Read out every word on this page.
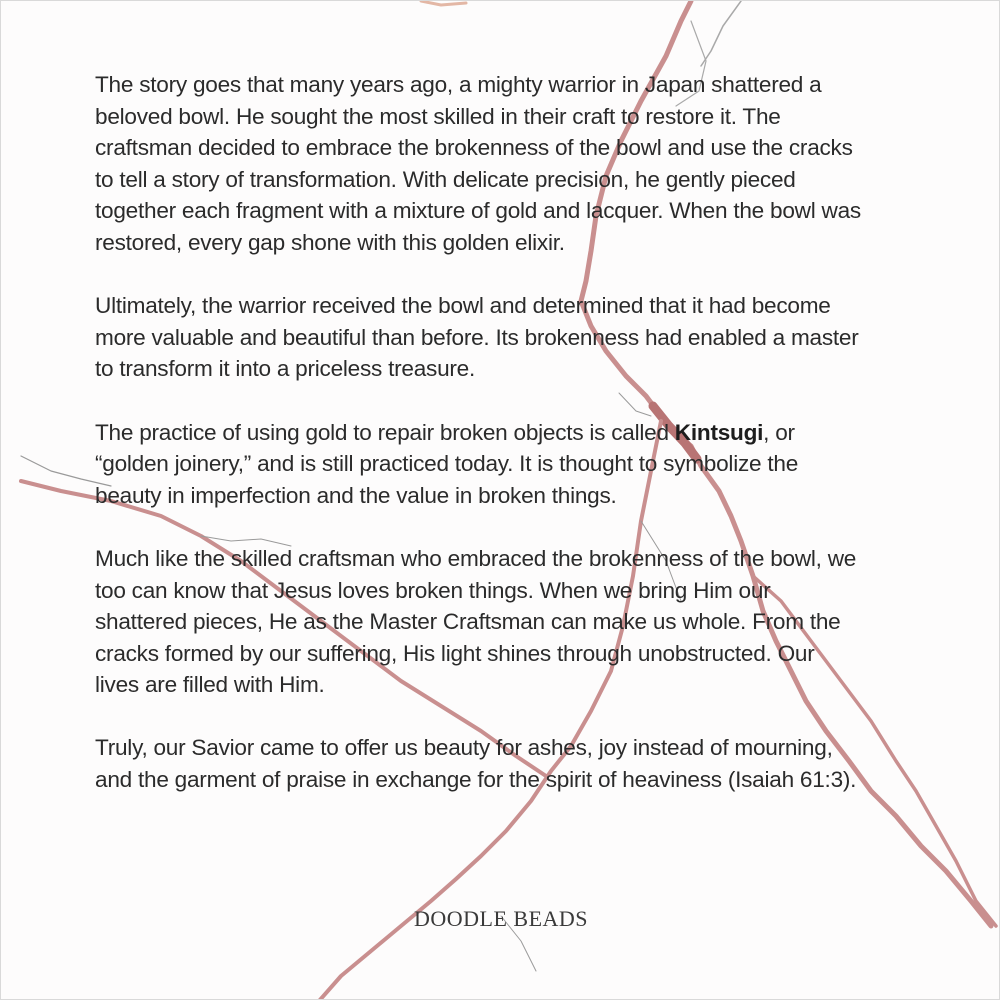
The story goes that many years ago, a mighty warrior in Japan shattered a
beloved bowl. He sought the most skilled in their craft to restore it. The
craftsman decided to embrace the brokenness of the bowl and use the cracks
to tell a story of transformation. With delicate precision, he gently pieced
together each fragment with a mixture of gold and lacquer. When the bowl was
restored, every gap shone with this golden elixir.

Ultimately, the warrior received the bowl and determined that it had become
more valuable and beautiful than before. Its brokenness had enabled a master
to transform it into a priceless treasure.

The practice of using gold to repair broken objects is called Kintsugi, or
“golden joinery,” and is still practiced today. It is thought to symbolize the
beauty in imperfection and the value in broken things.

Much like the skilled craftsman who embraced the brokenness of the bowl, we
too can know that Jesus loves broken things. When we bring Him our
shattered pieces, He as the Master Craftsman can make us whole. From the
cracks formed by our suffering, His light shines through unobstructed. Our
lives are filled with Him.

Truly, our Savior came to offer us beauty for ashes, joy instead of mourning,
and the garment of praise in exchange for the spirit of heaviness (Isaiah 61:3).

DOODLE BEADS
